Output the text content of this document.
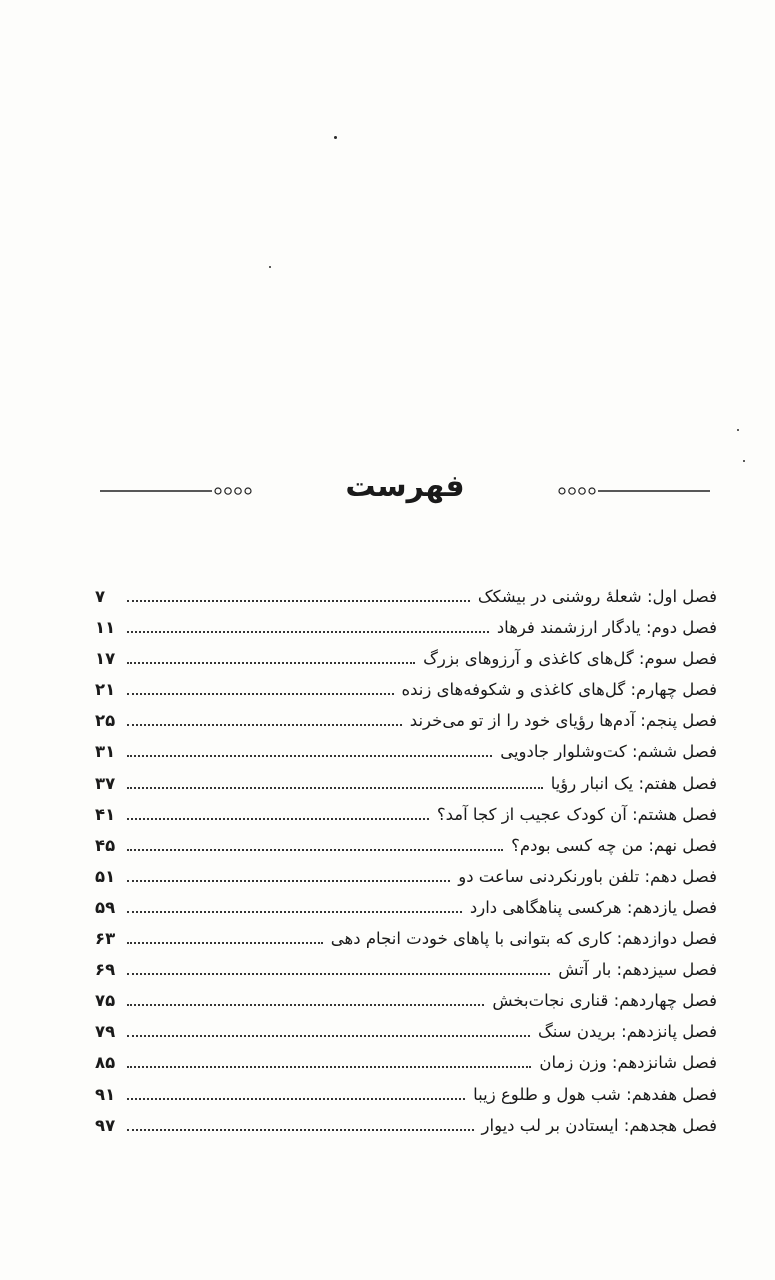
فهرست
فصل اول: شعلهٔ روشنی در بیشکک
۷
فصل دوم: یادگار ارزشمند فرهاد
۱۱
فصل سوم: گل‌های کاغذی و آرزوهای بزرگ
۱۷
فصل چهارم: گل‌های کاغذی و شکوفه‌های زنده
۲۱
فصل پنجم: آدم‌ها رؤیای خود را از تو می‌خرند
۲۵
فصل ششم: کت‌وشلوار جادویی
۳۱
فصل هفتم: یک انبار رؤیا
۳۷
فصل هشتم: آن کودک عجیب از کجا آمد؟
۴۱
فصل نهم: من چه کسی بودم؟
۴۵
فصل دهم: تلفن باورنکردنی ساعت دو
۵۱
فصل یازدهم: هرکسی پناهگاهی دارد
۵۹
فصل دوازدهم: کاری که بتوانی با پاهای خودت انجام دهی
۶۳
فصل سیزدهم: بار آتش
۶۹
فصل چهاردهم: قناری نجات‌بخش
۷۵
فصل پانزدهم: بریدن سنگ
۷۹
فصل شانزدهم: وزن زمان
۸۵
فصل هفدهم: شب هول و طلوع زیبا
۹۱
فصل هجدهم: ایستادن بر لب دیوار
۹۷
